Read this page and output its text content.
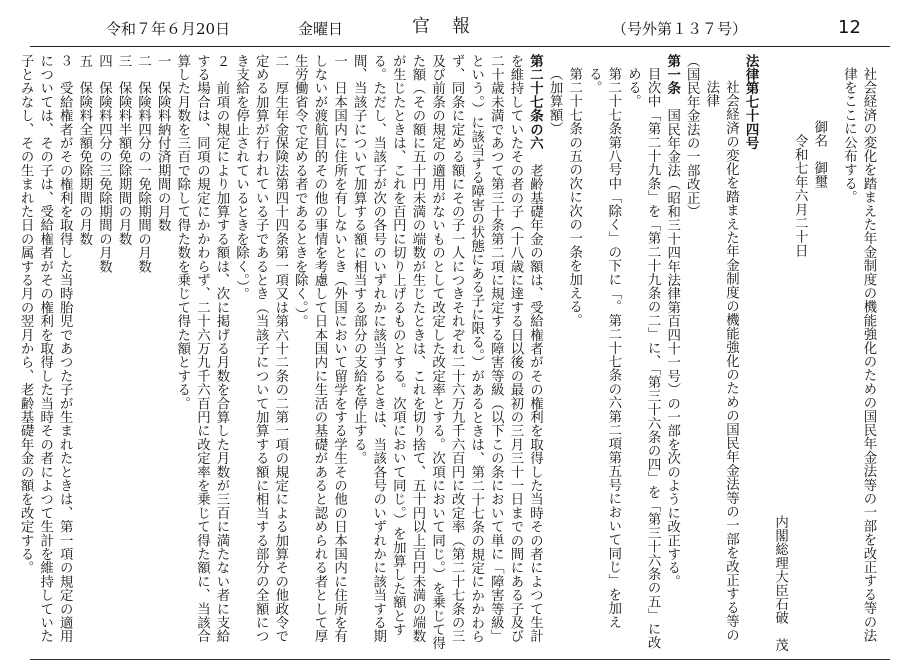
令和７年６月20日	金曜日	官報	（号外第１３７号）	12

社会経済の変化を踏まえた年金制度の機能強化のための国民年金法等の一部を改正する等の法律をここに公布する。

御名　御璽

令和七年六月二十日

内閣総理大臣石破　茂

法律第七十四号

社会経済の変化を踏まえた年金制度の機能強化のための国民年金法等の一部を改正する等の法律

（国民年金法の一部改正）

第一条　国民年金法（昭和三十四年法律第百四十一号）の一部を次のように改正する。

目次中「第二十九条」を「第二十九条の二」に、「第三十六条の四」を「第三十六条の五」に改める。

第二十七条第八号中「除く」の下に「。第二十七条の六第二項第五号において同じ」を加える。

第二十七条の五の次に次の一条を加える。

（加算額）

第二十七条の六　老齢基礎年金の額は、受給権者がその権利を取得した当時その者によつて生計を維持していたその者の子（十八歳に達する日以後の最初の三月三十一日までの間にある子及び二十歳未満であつて第三十条第二項に規定する障害等級（以下この条において単に「障害等級」という。）に該当する障害の状態にある子に限る。）があるときは、第二十七条の規定にかかわらず、同条に定める額にその子一人につきそれぞれ二十六万九千六百円に改定率（第二十七条の三及び前条の規定の適用がないものとして改定した改定率とする。次項において同じ。）を乗じて得た額（その額に五十円未満の端数が生じたときは、これを切り捨て、五十円以上百円未満の端数が生じたときは、これを百円に切り上げるものとする。次項において同じ。）を加算した額とする。ただし、当該子が次の各号のいずれかに該当するときは、当該各号のいずれかに該当する期間、当該子について加算する額に相当する部分の支給を停止する。

一　日本国内に住所を有しないとき（外国において留学をする学生その他の日本国内に住所を有しないが渡航目的その他の事情を考慮して日本国内に生活の基礎があると認められる者として厚生労働省令で定める者であるときを除く。）。

二　厚生年金保険法第四十四条第一項又は第六十二条の二第一項の規定による加算その他政令で定める加算が行われている子であるとき（当該子について加算する額に相当する部分の全額につき支給を停止されているときを除く。）。

２　前項の規定により加算する額は、次に掲げる月数を合算した月数が三百に満たない者に支給する場合は、同項の規定にかかわらず、二十六万九千六百円に改定率を乗じて得た額に、当該合算した月数を三百で除して得た数を乗じて得た額とする。

一　保険料納付済期間の月数

二　保険料四分の一免除期間の月数

三　保険料半額免除期間の月数

四　保険料四分の三免除期間の月数

五　保険料全額免除期間の月数

３　受給権者がその権利を取得した当時胎児であつた子が生まれたときは、第一項の規定の適用については、その子は、受給権者がその権利を取得した当時その者によつて生計を維持していた子とみなし、その生まれた日の属する月の翌月から、老齢基礎年金の額を改定する。
